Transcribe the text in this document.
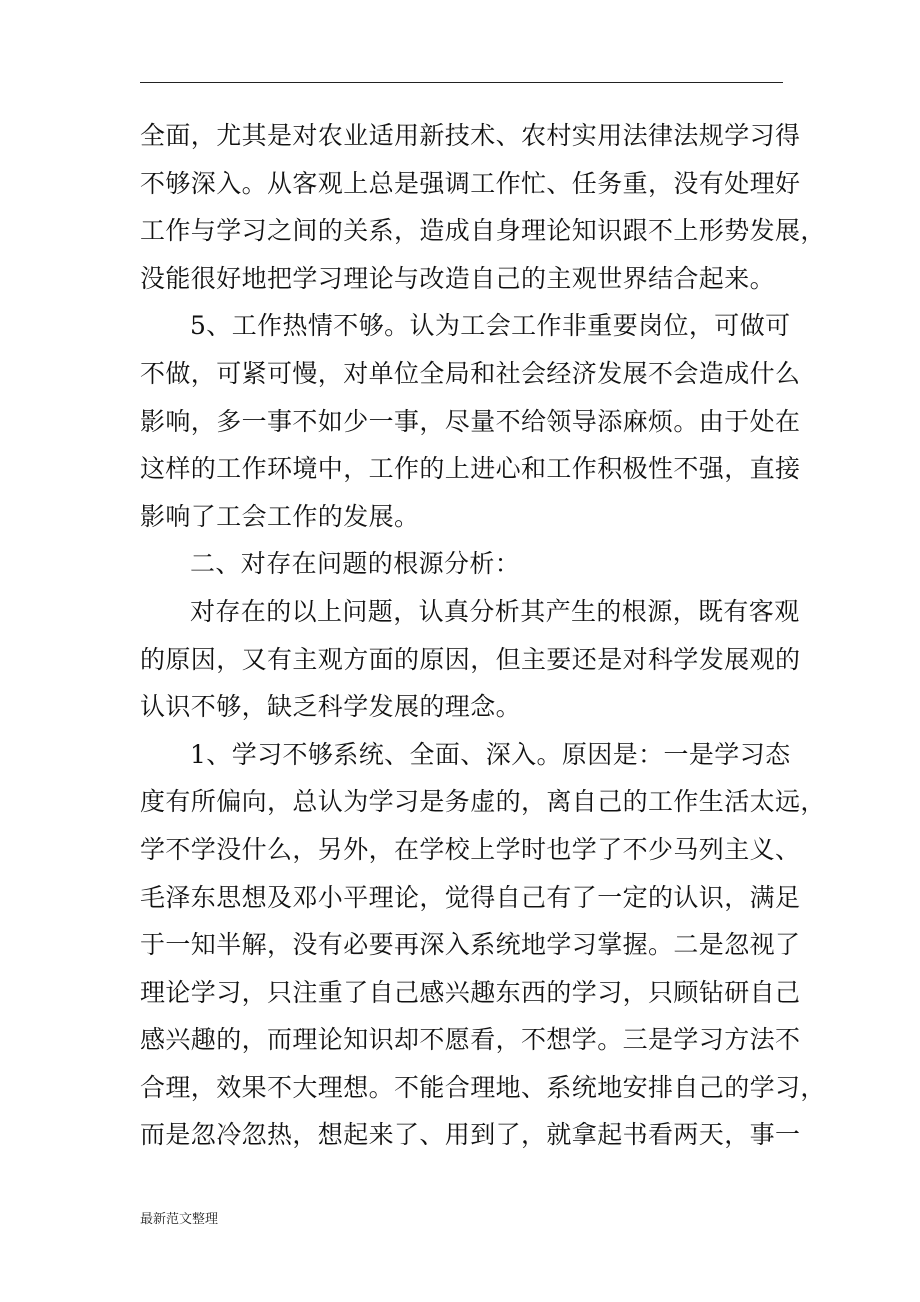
全面，尤其是对农业适用新技术、农村实用法律法规学习得
不够深入。从客观上总是强调工作忙、任务重，没有处理好
工作与学习之间的关系，造成自身理论知识跟不上形势发展，
没能很好地把学习理论与改造自己的主观世界结合起来。
5、工作热情不够。认为工会工作非重要岗位，可做可
不做，可紧可慢，对单位全局和社会经济发展不会造成什么
影响，多一事不如少一事，尽量不给领导添麻烦。由于处在
这样的工作环境中，工作的上进心和工作积极性不强，直接
影响了工会工作的发展。
二、对存在问题的根源分析：
对存在的以上问题，认真分析其产生的根源，既有客观
的原因，又有主观方面的原因，但主要还是对科学发展观的
认识不够，缺乏科学发展的理念。
1、学习不够系统、全面、深入。原因是：一是学习态
度有所偏向，总认为学习是务虚的，离自己的工作生活太远，
学不学没什么，另外，在学校上学时也学了不少马列主义、
毛泽东思想及邓小平理论，觉得自己有了一定的认识，满足
于一知半解，没有必要再深入系统地学习掌握。二是忽视了
理论学习，只注重了自己感兴趣东西的学习，只顾钻研自己
感兴趣的，而理论知识却不愿看，不想学。三是学习方法不
合理，效果不大理想。不能合理地、系统地安排自己的学习，
而是忽冷忽热，想起来了、用到了，就拿起书看两天，事一
最新范文整理
